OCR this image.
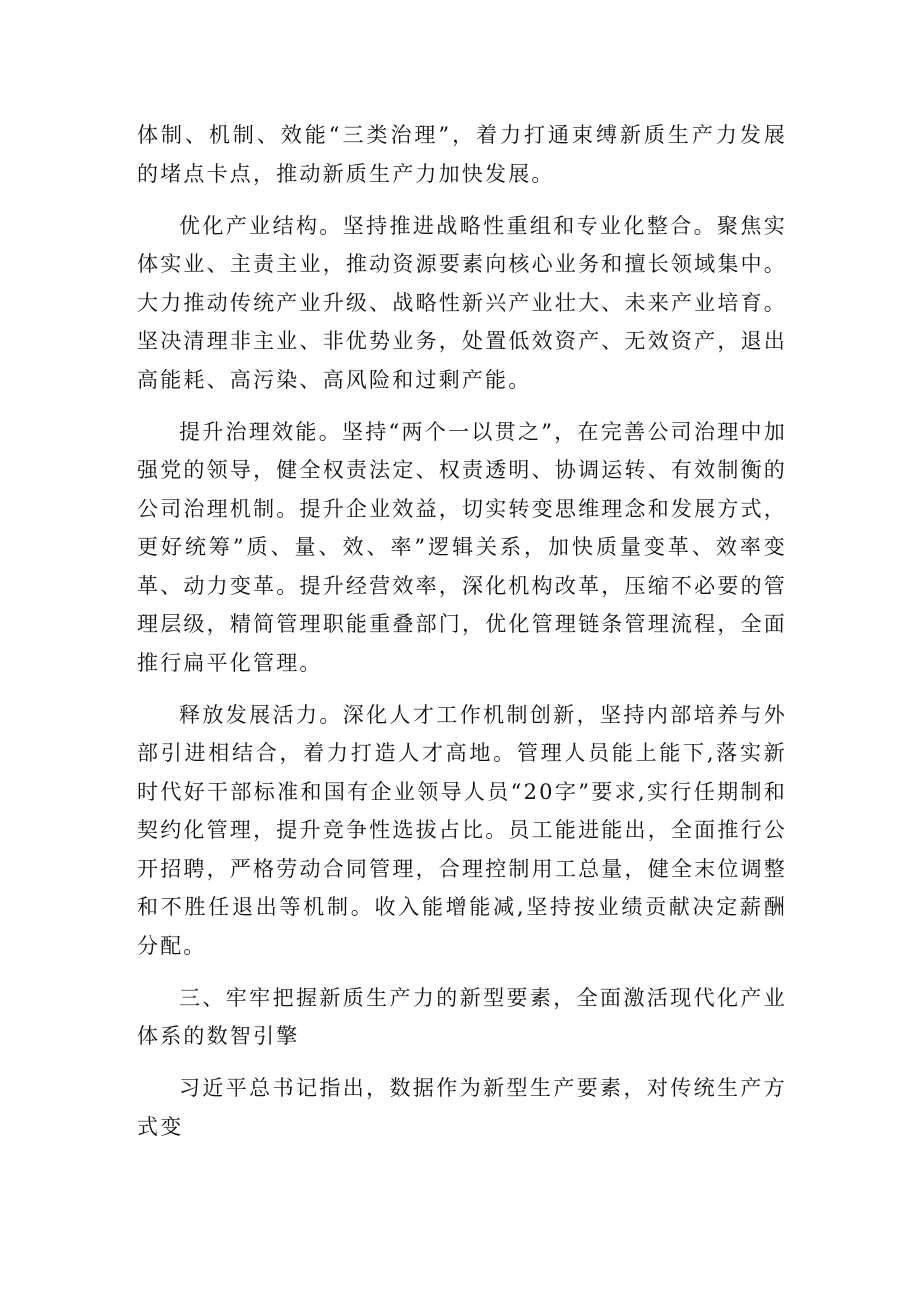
体制、机制、效能“三类治理”，着力打通束缚新质生产力发展的堵点卡点，推动新质生产力加快发展。

优化产业结构。坚持推进战略性重组和专业化整合。聚焦实体实业、主责主业，推动资源要素向核心业务和擅长领域集中。大力推动传统产业升级、战略性新兴产业壮大、未来产业培育。坚决清理非主业、非优势业务，处置低效资产、无效资产，退出高能耗、高污染、高风险和过剩产能。

提升治理效能。坚持“两个一以贯之”，在完善公司治理中加强党的领导，健全权责法定、权责透明、协调运转、有效制衡的公司治理机制。提升企业效益，切实转变思维理念和发展方式，更好统筹”质、量、效、率”逻辑关系，加快质量变革、效率变革、动力变革。提升经营效率，深化机构改革，压缩不必要的管理层级，精简管理职能重叠部门，优化管理链条管理流程，全面推行扁平化管理。

释放发展活力。深化人才工作机制创新，坚持内部培养与外部引进相结合，着力打造人才高地。管理人员能上能下,落实新时代好干部标准和国有企业领导人员“20字”要求,实行任期制和契约化管理，提升竞争性选拔占比。员工能进能出，全面推行公开招聘，严格劳动合同管理，合理控制用工总量，健全末位调整和不胜任退出等机制。收入能增能减,坚持按业绩贡献决定薪酬分配。

三、牢牢把握新质生产力的新型要素，全面激活现代化产业体系的数智引擎

习近平总书记指出，数据作为新型生产要素，对传统生产方式变
